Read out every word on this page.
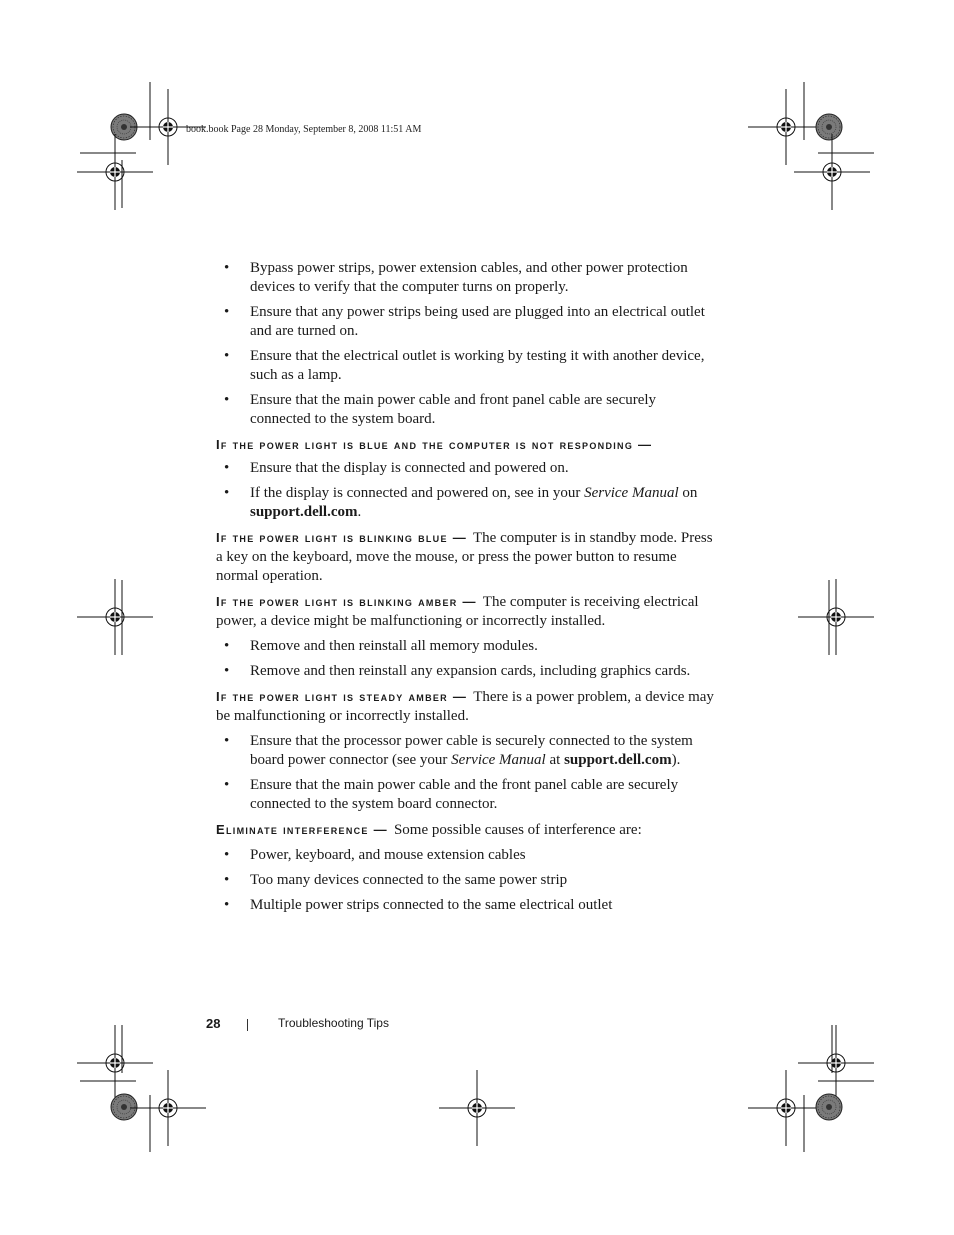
book.book Page 28 Monday, September 8, 2008 11:51 AM
• Bypass power strips, power extension cables, and other power protection devices to verify that the computer turns on properly.
• Ensure that any power strips being used are plugged into an electrical outlet and are turned on.
• Ensure that the electrical outlet is working by testing it with another device, such as a lamp.
• Ensure that the main power cable and front panel cable are securely connected to the system board.
If the power light is blue and the computer is not responding —
• Ensure that the display is connected and powered on.
• If the display is connected and powered on, see in your Service Manual on support.dell.com.
If the power light is blinking blue — The computer is in standby mode. Press a key on the keyboard, move the mouse, or press the power button to resume normal operation.
If the power light is blinking amber — The computer is receiving electrical power, a device might be malfunctioning or incorrectly installed.
• Remove and then reinstall all memory modules.
• Remove and then reinstall any expansion cards, including graphics cards.
If the power light is steady amber — There is a power problem, a device may be malfunctioning or incorrectly installed.
• Ensure that the processor power cable is securely connected to the system board power connector (see your Service Manual at support.dell.com).
• Ensure that the main power cable and the front panel cable are securely connected to the system board connector.
Eliminate interference — Some possible causes of interference are:
• Power, keyboard, and mouse extension cables
• Too many devices connected to the same power strip
• Multiple power strips connected to the same electrical outlet
28	Troubleshooting Tips
